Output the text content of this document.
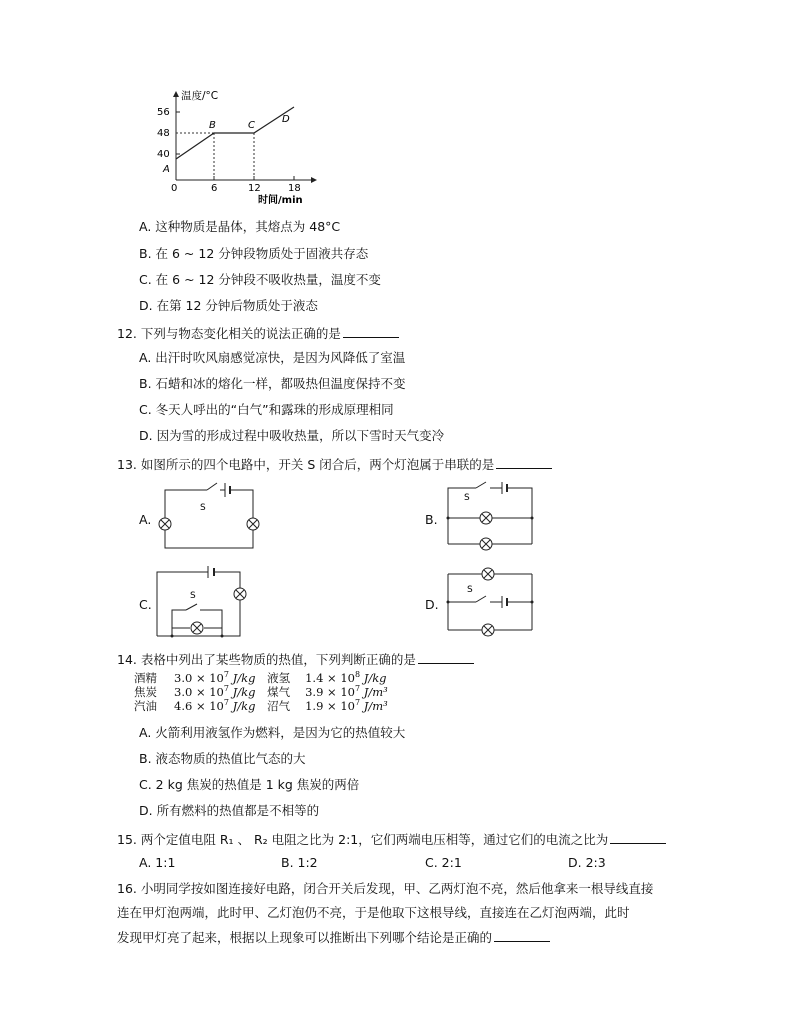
56
48
40
0	6	12	18
温度/°C
时间/min
A
B	C
D
A. 这种物质是晶体，其熔点为 48°C
B. 在 6 ~ 12 分钟段物质处于固液共存态
C. 在 6 ~ 12 分钟段不吸收热量，温度不变
D. 在第 12 分钟后物质处于液态
12. 下列与物态变化相关的说法正确的是
A. 出汗时吹风扇感觉凉快，是因为风降低了室温
B. 石蜡和冰的熔化一样，都吸热但温度保持不变
C. 冬天人呼出的“白气”和露珠的形成原理相同
D. 因为雪的形成过程中吸收热量，所以下雪时天气变冷
13. 如图所示的四个电路中，开关 S 闭合后，两个灯泡属于串联的是
A.
S
B.
S
C.
S
D.
S
14. 表格中列出了某些物质的热值，下列判断正确的是
酒精 $3.0 \times 10^7$ J/kg 液氢 $1.4 \times 10^8$ J/kg
焦炭 $3.0 \times 10^7$ J/kg 煤气 $3.9 \times 10^7$ J/m³
汽油 $4.6 \times 10^7$ J/kg 沼气 $1.9 \times 10^7$ J/m³
A. 火箭利用液氢作为燃料，是因为它的热值较大
B. 液态物质的热值比气态的大
C. 2 kg 焦炭的热值是 1 kg 焦炭的两倍
D. 所有燃料的热值都是不相等的
15. 两个定值电阻 R₁ 、 R₂ 电阻之比为 2:1，它们两端电压相等，通过它们的电流之比为
A. 1:1	B. 1:2	C. 2:1	D. 2:3
16. 小明同学按如图连接好电路，闭合开关后发现，甲、乙两灯泡不亮，然后他拿来一根导线直接
连在甲灯泡两端，此时甲、乙灯泡仍不亮，于是他取下这根导线，直接连在乙灯泡两端，此时
发现甲灯亮了起来，根据以上现象可以推断出下列哪个结论是正确的
